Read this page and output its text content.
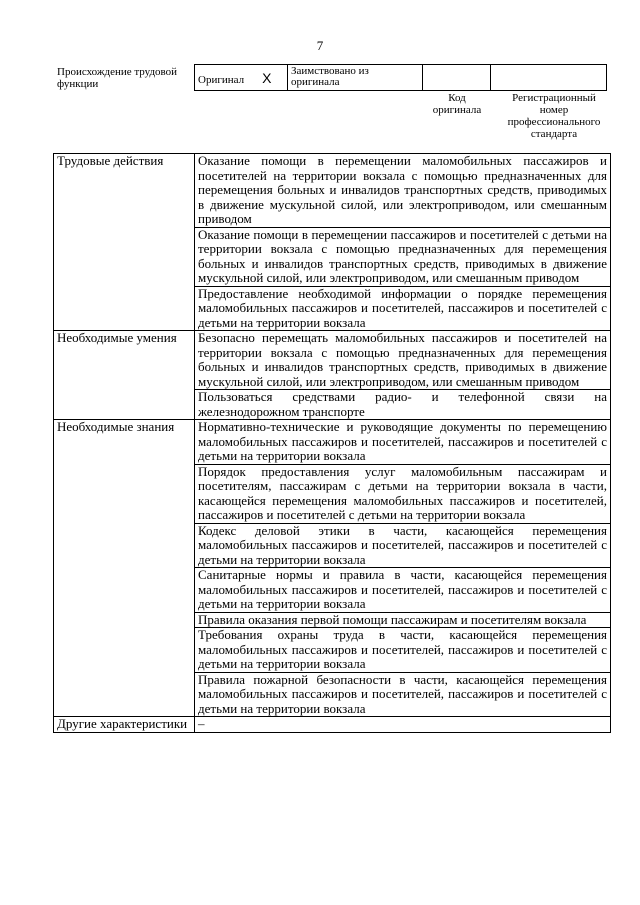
7
Происхождение трудовой функции	Оригинал X	Заимствовано из оригинала		
Код оригинала
Регистрационный номер профессионального стандарта
Трудовые действия	Оказание помощи в перемещении маломобильных пассажиров и посетителей на территории вокзала с помощью предназначенных для перемещения больных и инвалидов транспортных средств, приводимых в движение мускульной силой, или электроприводом, или смешанным приводом
	Оказание помощи в перемещении пассажиров и посетителей с детьми на территории вокзала с помощью предназначенных для перемещения больных и инвалидов транспортных средств, приводимых в движение мускульной силой, или электроприводом, или смешанным приводом
	Предоставление необходимой информации о порядке перемещения маломобильных пассажиров и посетителей, пассажиров и посетителей с детьми на территории вокзала
Необходимые умения	Безопасно перемещать маломобильных пассажиров и посетителей на территории вокзала с помощью предназначенных для перемещения больных и инвалидов транспортных средств, приводимых в движение мускульной силой, или электроприводом, или смешанным приводом
	Пользоваться средствами радио- и телефонной связи на железнодорожном транспорте
Необходимые знания	Нормативно-технические и руководящие документы по перемещению маломобильных пассажиров и посетителей, пассажиров и посетителей с детьми на территории вокзала
	Порядок предоставления услуг маломобильным пассажирам и посетителям, пассажирам с детьми на территории вокзала в части, касающейся перемещения маломобильных пассажиров и посетителей, пассажиров и посетителей с детьми на территории вокзала
	Кодекс деловой этики в части, касающейся перемещения маломобильных пассажиров и посетителей, пассажиров и посетителей с детьми на территории вокзала
	Санитарные нормы и правила в части, касающейся перемещения маломобильных пассажиров и посетителей, пассажиров и посетителей с детьми на территории вокзала
	Правила оказания первой помощи пассажирам и посетителям вокзала
	Требования охраны труда в части, касающейся перемещения маломобильных пассажиров и посетителей, пассажиров и посетителей с детьми на территории вокзала
	Правила пожарной безопасности в части, касающейся перемещения маломобильных пассажиров и посетителей, пассажиров и посетителей с детьми на территории вокзала
Другие характеристики	–
